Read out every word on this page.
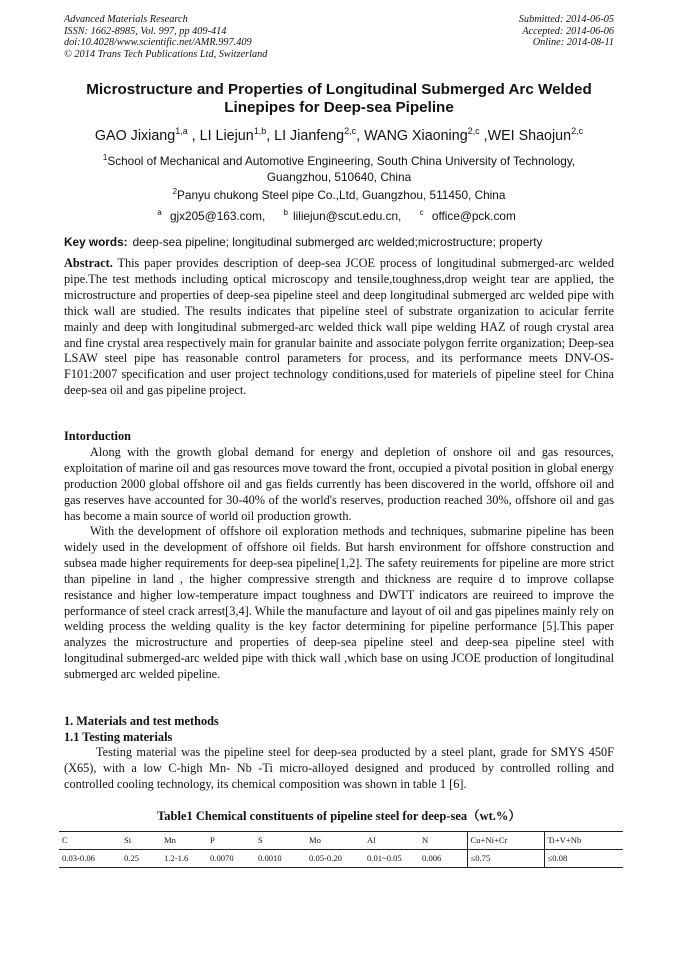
Advanced Materials Research
ISSN: 1662-8985, Vol. 997, pp 409-414
doi:10.4028/www.scientific.net/AMR.997.409
© 2014 Trans Tech Publications Ltd, Switzerland
Submitted: 2014-06-05
Accepted: 2014-06-06
Online: 2014-08-11
Microstructure and Properties of Longitudinal Submerged Arc Welded
Linepipes for Deep-sea Pipeline
GAO Jixiang$^{1,a}$ , LI Liejun$^{1,b}$, LI Jianfeng$^{2,c}$, WANG Xiaoning$^{2,c}$ ,WEI Shaojun$^{2,c}$
$^1$School of Mechanical and Automotive Engineering, South China University of Technology,
Guangzhou, 510640, China
$^2$Panyu chukong Steel pipe Co.,Ltd, Guangzhou, 511450, China
$^a$ gjx205@163.com, $^b$ liliejun@scut.edu.cn, $^c$ office@pck.com
Key words: deep-sea pipeline; longitudinal submerged arc welded;microstructure; property
Abstract. This paper provides description of deep-sea JCOE process of longitudinal submerged-arc welded pipe.The test methods including optical microscopy and tensile,toughness,drop weight tear are applied, the microstructure and properties of deep-sea pipeline steel and deep longitudinal submerged arc welded pipe with thick wall are studied. The results indicates that pipeline steel of substrate organization to acicular ferrite mainly and deep with longitudinal submerged-arc welded thick wall pipe welding HAZ of rough crystal area and fine crystal area respectively main for granular bainite and associate polygon ferrite organization; Deep-sea LSAW steel pipe has reasonable control parameters for process, and its performance meets DNV-OS-F101:2007 specification and user project technology conditions,used for materiels of pipeline steel for China deep-sea oil and gas pipeline project.
Intorduction
Along with the growth global demand for energy and depletion of onshore oil and gas resources, exploitation of marine oil and gas resources move toward the front, occupied a pivotal position in global energy production 2000 global offshore oil and gas fields currently has been discovered in the world, offshore oil and gas reserves have accounted for 30-40% of the world's reserves, production reached 30%, offshore oil and gas has become a main source of world oil production growth.
With the development of offshore oil exploration methods and techniques, submarine pipeline has been widely used in the development of offshore oil fields. But harsh environment for offshore construction and subsea made higher requirements for deep-sea pipeline[1,2]. The safety reuirements for pipeline are more strict than pipeline in land , the higher compressive strength and thickness are require d to improve collapse resistance and higher low-temperature impact toughness and DWTT indicators are reuireed to improve the performance of steel crack arrest[3,4]. While the manufacture and layout of oil and gas pipelines mainly rely on welding process the welding quality is the key factor determining for pipeline performance [5].This paper analyzes the microstructure and properties of deep-sea pipeline steel and deep-sea pipeline steel with longitudinal submerged-arc welded pipe with thick wall ,which base on using JCOE production of longitudinal submerged arc welded pipeline.
1. Materials and test methods
1.1 Testing materials
Testing material was the pipeline steel for deep-sea producted by a steel plant, grade for SMYS 450F (X65), with a low C-high Mn- Nb -Ti micro-alloyed designed and produced by controlled rolling and controlled cooling technology, its chemical composition was shown in table 1 [6].
Table1 Chemical constituents of pipeline steel for deep-sea（wt.%）
C	Si	Mn	P	S	Mo	Al	N	Cu+Ni+Cr	Ti+V+Nb
0.03-0.06	0.25	1.2-1.6	0.0070	0.0010	0.05-0.20	0.01~0.05	0.006	≤0.75	≤0.08
